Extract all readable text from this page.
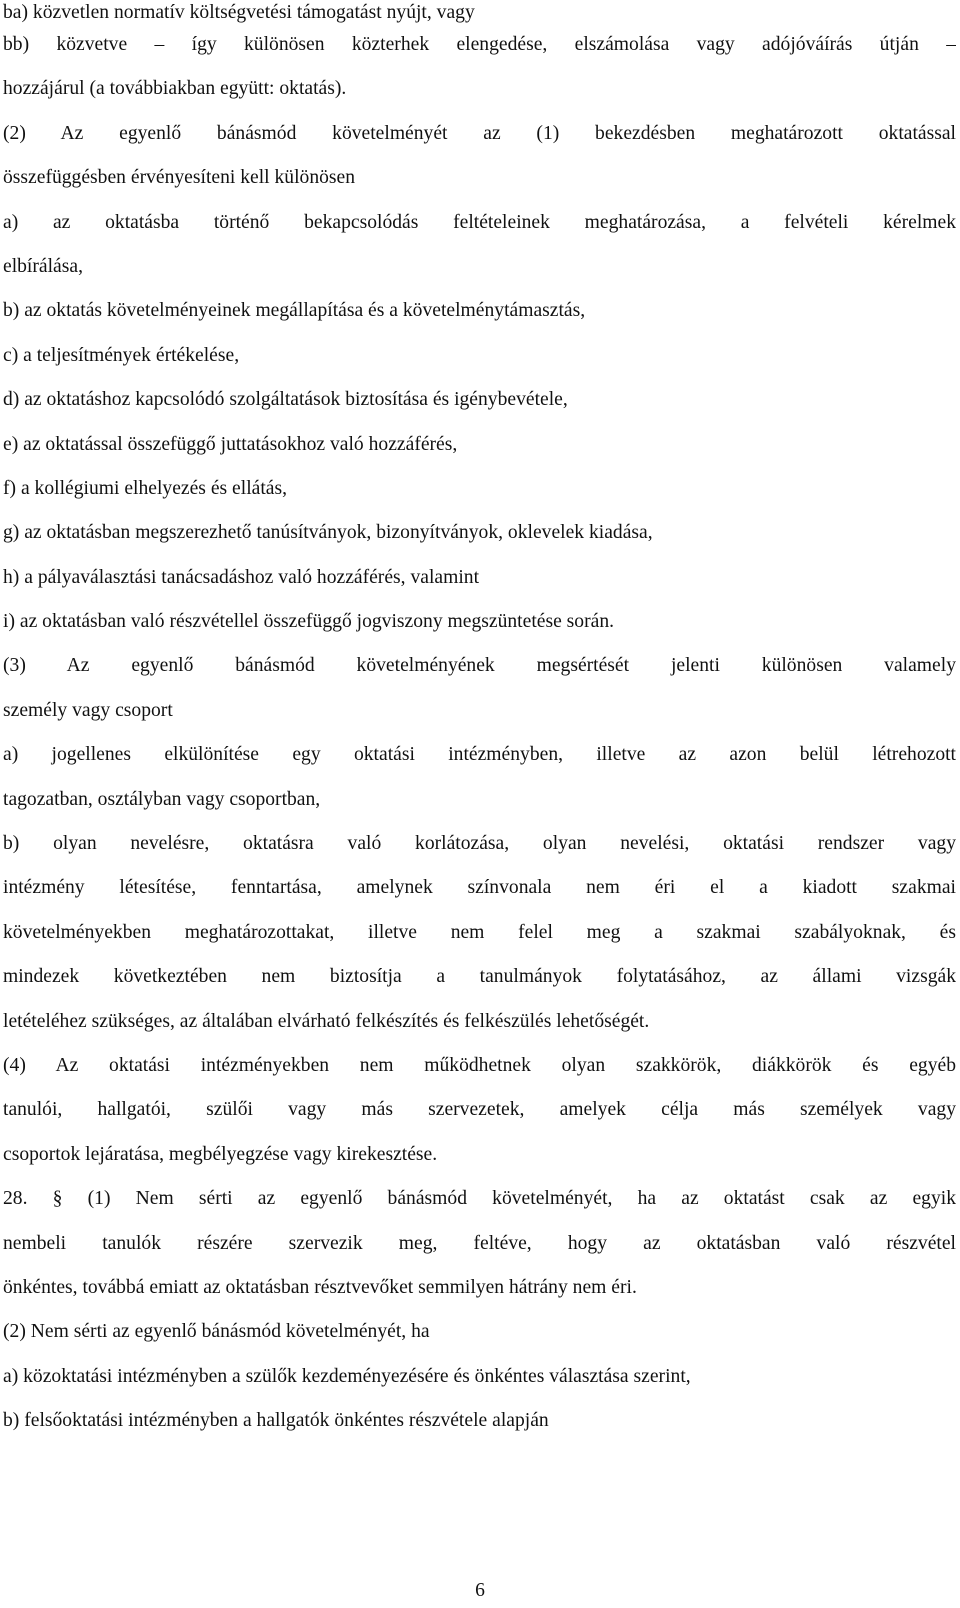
ba) közvetlen normatív költségvetési támogatást nyújt, vagy
bb) közvetve – így különösen közterhek elengedése, elszámolása vagy adójóváírás útján –
hozzájárul (a továbbiakban együtt: oktatás).
(2) Az egyenlő bánásmód követelményét az (1) bekezdésben meghatározott oktatással
összefüggésben érvényesíteni kell különösen
a) az oktatásba történő bekapcsolódás feltételeinek meghatározása, a felvételi kérelmek
elbírálása,
b) az oktatás követelményeinek megállapítása és a követelménytámasztás,
c) a teljesítmények értékelése,
d) az oktatáshoz kapcsolódó szolgáltatások biztosítása és igénybevétele,
e) az oktatással összefüggő juttatásokhoz való hozzáférés,
f) a kollégiumi elhelyezés és ellátás,
g) az oktatásban megszerezhető tanúsítványok, bizonyítványok, oklevelek kiadása,
h) a pályaválasztási tanácsadáshoz való hozzáférés, valamint
i) az oktatásban való részvétellel összefüggő jogviszony megszüntetése során.
(3) Az egyenlő bánásmód követelményének megsértését jelenti különösen valamely
személy vagy csoport
a) jogellenes elkülönítése egy oktatási intézményben, illetve az azon belül létrehozott
tagozatban, osztályban vagy csoportban,
b) olyan nevelésre, oktatásra való korlátozása, olyan nevelési, oktatási rendszer vagy
intézmény létesítése, fenntartása, amelynek színvonala nem éri el a kiadott szakmai
követelményekben meghatározottakat, illetve nem felel meg a szakmai szabályoknak, és
mindezek következtében nem biztosítja a tanulmányok folytatásához, az állami vizsgák
letételéhez szükséges, az általában elvárható felkészítés és felkészülés lehetőségét.
(4) Az oktatási intézményekben nem működhetnek olyan szakkörök, diákkörök és egyéb
tanulói, hallgatói, szülői vagy más szervezetek, amelyek célja más személyek vagy
csoportok lejáratása, megbélyegzése vagy kirekesztése.
28. § (1) Nem sérti az egyenlő bánásmód követelményét, ha az oktatást csak az egyik
nembeli tanulók részére szervezik meg, feltéve, hogy az oktatásban való részvétel
önkéntes, továbbá emiatt az oktatásban résztvevőket semmilyen hátrány nem éri.
(2) Nem sérti az egyenlő bánásmód követelményét, ha
a) közoktatási intézményben a szülők kezdeményezésére és önkéntes választása szerint,
b) felsőoktatási intézményben a hallgatók önkéntes részvétele alapján
6
